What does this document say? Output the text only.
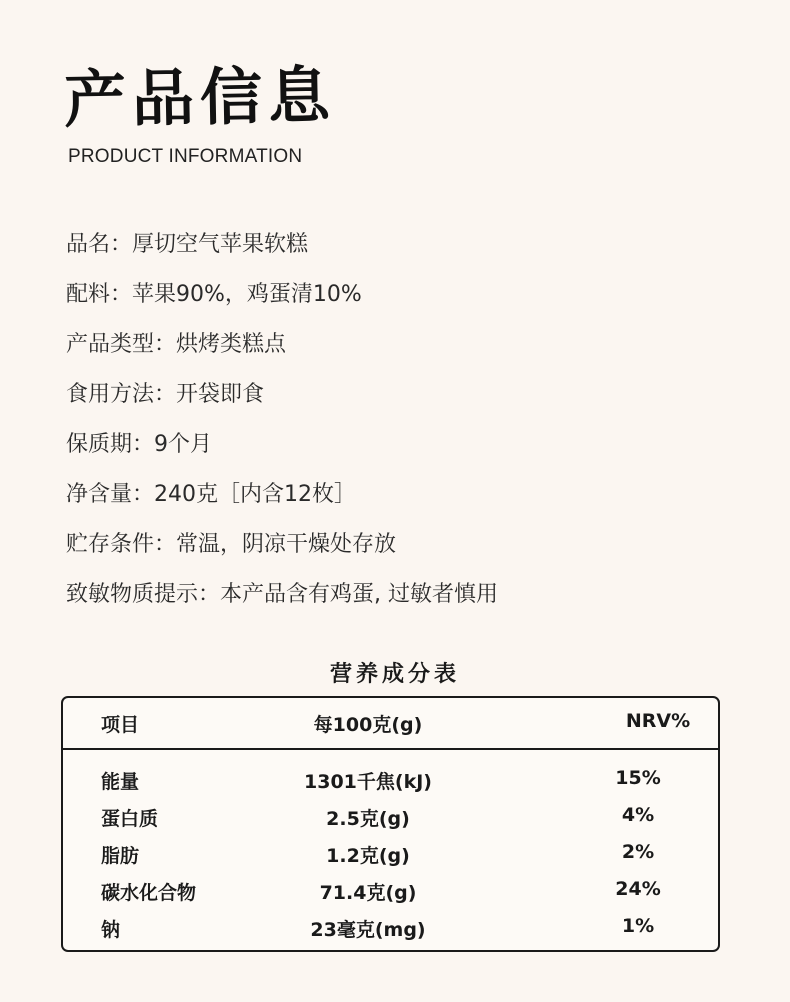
产品信息
PRODUCT INFORMATION
品名：厚切空气苹果软糕
配料：苹果90%，鸡蛋清10%
产品类型：烘烤类糕点
食用方法：开袋即食
保质期：9个月
净含量：240克［内含12枚］
贮存条件：常温，阴凉干燥处存放
致敏物质提示：本产品含有鸡蛋, 过敏者慎用
营养成分表
项目	每100克(g)	NRV%
能量	1301千焦(kJ)	15%
蛋白质	2.5克(g)	4%
脂肪	1.2克(g)	2%
碳水化合物	71.4克(g)	24%
钠	23毫克(mg)	1%
